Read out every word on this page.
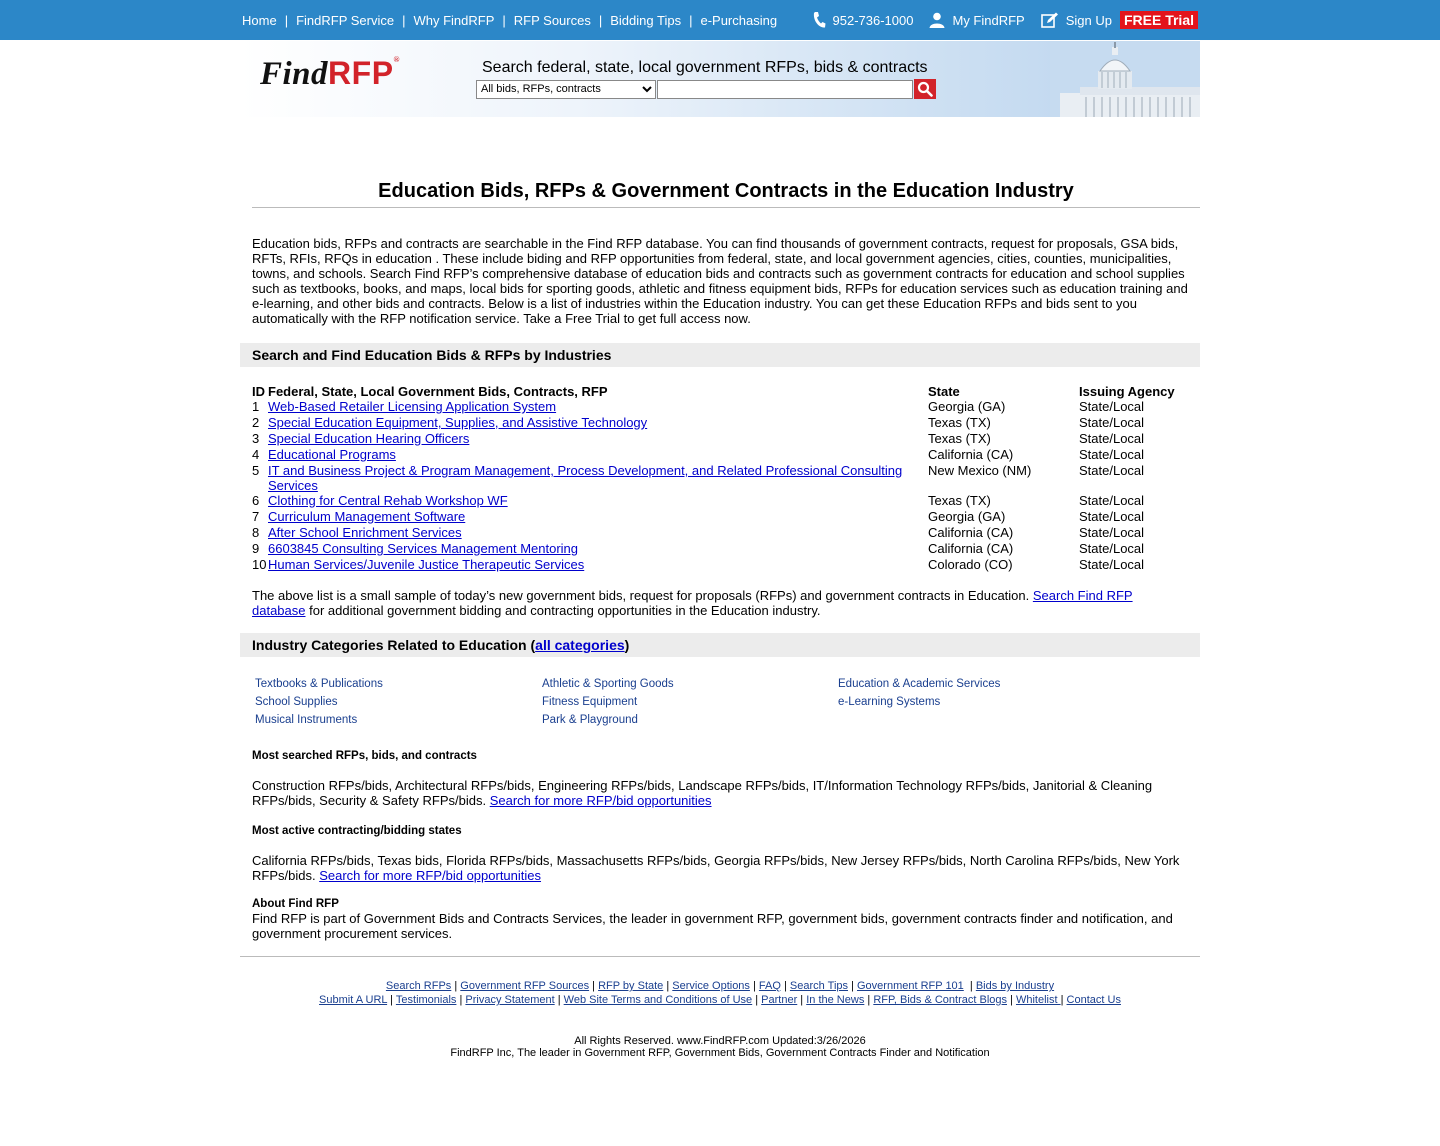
Home | FindRFP Service | Why FindRFP | RFP Sources | Bidding Tips | e-Purchasing	952-736-1000	My FindRFP	Sign Up FREE Trial
FindRFP®	Search federal, state, local government RFPs, bids & contracts
All bids, RFPs, contracts
Education Bids, RFPs & Government Contracts in the Education Industry
Education bids, RFPs and contracts are searchable in the Find RFP database. You can find thousands of government contracts, request for proposals, GSA bids, RFTs, RFIs, RFQs in education . These include biding and RFP opportunities from federal, state, and local government agencies, cities, counties, municipalities, towns, and schools. Search Find RFP’s comprehensive database of education bids and contracts such as government contracts for education and school supplies such as textbooks, books, and maps, local bids for sporting goods, athletic and fitness equipment bids, RFPs for education services such as education training and e-learning, and other bids and contracts. Below is a list of industries within the Education industry. You can get these Education RFPs and bids sent to you automatically with the RFP notification service. Take a Free Trial to get full access now.
Search and Find Education Bids & RFPs by Industries
ID	Federal, State, Local Government Bids, Contracts, RFP	State	Issuing Agency
1	Web-Based Retailer Licensing Application System	Georgia (GA)	State/Local
2	Special Education Equipment, Supplies, and Assistive Technology	Texas (TX)	State/Local
3	Special Education Hearing Officers	Texas (TX)	State/Local
4	Educational Programs	California (CA)	State/Local
5	IT and Business Project & Program Management, Process Development, and Related Professional Consulting Services	New Mexico (NM)	State/Local
6	Clothing for Central Rehab Workshop WF	Texas (TX)	State/Local
7	Curriculum Management Software	Georgia (GA)	State/Local
8	After School Enrichment Services	California (CA)	State/Local
9	6603845 Consulting Services Management Mentoring	California (CA)	State/Local
10	Human Services/Juvenile Justice Therapeutic Services	Colorado (CO)	State/Local
The above list is a small sample of today’s new government bids, request for proposals (RFPs) and government contracts in Education. Search Find RFP database for additional government bidding and contracting opportunities in the Education industry.
Industry Categories Related to Education (all categories)
Textbooks & Publications	Athletic & Sporting Goods	Education & Academic Services
School Supplies	Fitness Equipment	e-Learning Systems
Musical Instruments	Park & Playground
Most searched RFPs, bids, and contracts
Construction RFPs/bids, Architectural RFPs/bids, Engineering RFPs/bids, Landscape RFPs/bids, IT/Information Technology RFPs/bids, Janitorial & Cleaning RFPs/bids, Security & Safety RFPs/bids. Search for more RFP/bid opportunities
Most active contracting/bidding states
California RFPs/bids, Texas bids, Florida RFPs/bids, Massachusetts RFPs/bids, Georgia RFPs/bids, New Jersey RFPs/bids, North Carolina RFPs/bids, New York RFPs/bids. Search for more RFP/bid opportunities
About Find RFP
Find RFP is part of Government Bids and Contracts Services, the leader in government RFP, government bids, government contracts finder and notification, and government procurement services.
Search RFPs | Government RFP Sources | RFP by State | Service Options | FAQ | Search Tips | Government RFP 101  | Bids by Industry
Submit A URL | Testimonials | Privacy Statement | Web Site Terms and Conditions of Use | Partner | In the News | RFP, Bids & Contract Blogs | Whitelist | Contact Us
All Rights Reserved. www.FindRFP.com Updated:3/26/2026
FindRFP Inc, The leader in Government RFP, Government Bids, Government Contracts Finder and Notification
